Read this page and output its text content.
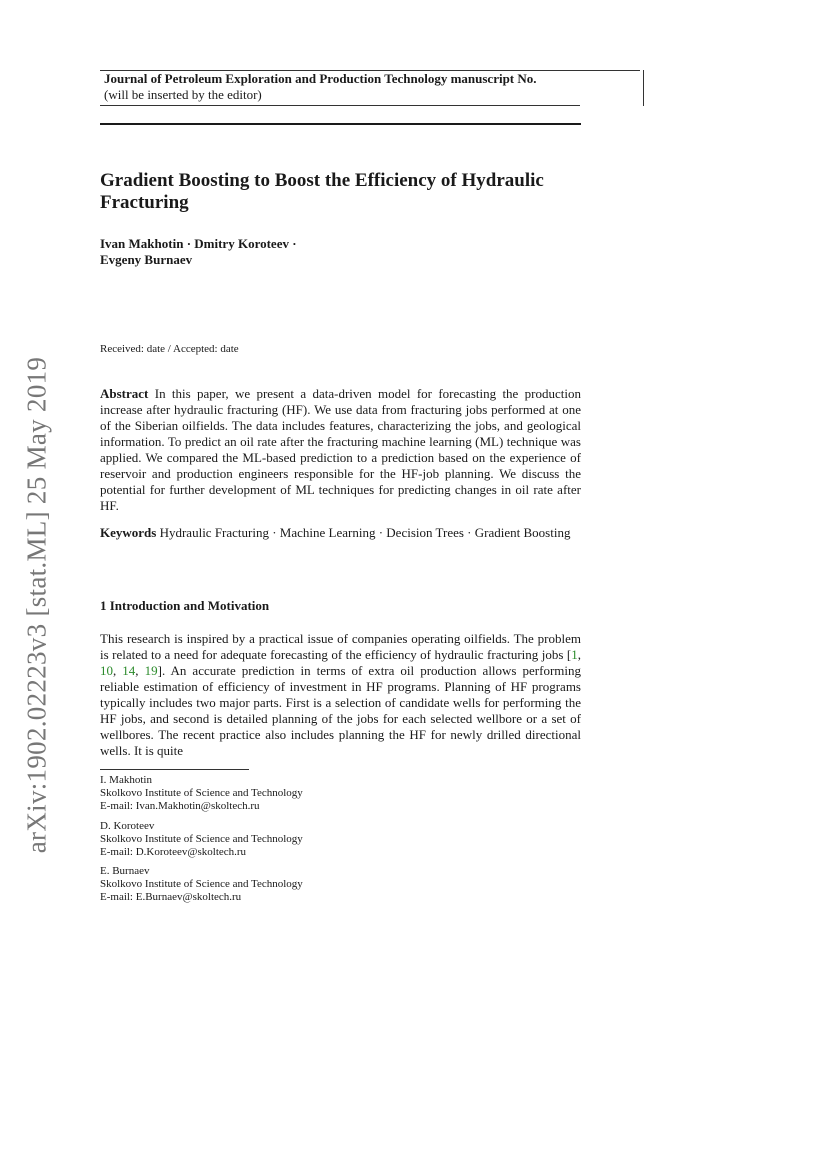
Journal of Petroleum Exploration and Production Technology manuscript No.
(will be inserted by the editor)
Gradient Boosting to Boost the Efficiency of Hydraulic Fracturing
Ivan Makhotin · Dmitry Koroteev ·
Evgeny Burnaev
Received: date / Accepted: date
Abstract In this paper, we present a data-driven model for forecasting the production increase after hydraulic fracturing (HF). We use data from fracturing jobs performed at one of the Siberian oilfields. The data includes features, characterizing the jobs, and geological information. To predict an oil rate after the fracturing machine learning (ML) technique was applied. We compared the ML-based prediction to a prediction based on the experience of reservoir and production engineers responsible for the HF-job planning. We discuss the potential for further development of ML techniques for predicting changes in oil rate after HF.
Keywords Hydraulic Fracturing · Machine Learning · Decision Trees · Gradient Boosting
1 Introduction and Motivation
This research is inspired by a practical issue of companies operating oilfields. The problem is related to a need for adequate forecasting of the efficiency of hydraulic fracturing jobs [1, 10, 14, 19]. An accurate prediction in terms of extra oil production allows performing reliable estimation of efficiency of investment in HF programs. Planning of HF programs typically includes two major parts. First is a selection of candidate wells for performing the HF jobs, and second is detailed planning of the jobs for each selected wellbore or a set of wellbores. The recent practice also includes planning the HF for newly drilled directional wells. It is quite
I. Makhotin
Skolkovo Institute of Science and Technology
E-mail: Ivan.Makhotin@skoltech.ru
D. Koroteev
Skolkovo Institute of Science and Technology
E-mail: D.Koroteev@skoltech.ru
E. Burnaev
Skolkovo Institute of Science and Technology
E-mail: E.Burnaev@skoltech.ru
arXiv:1902.02223v3 [stat.ML] 25 May 2019
